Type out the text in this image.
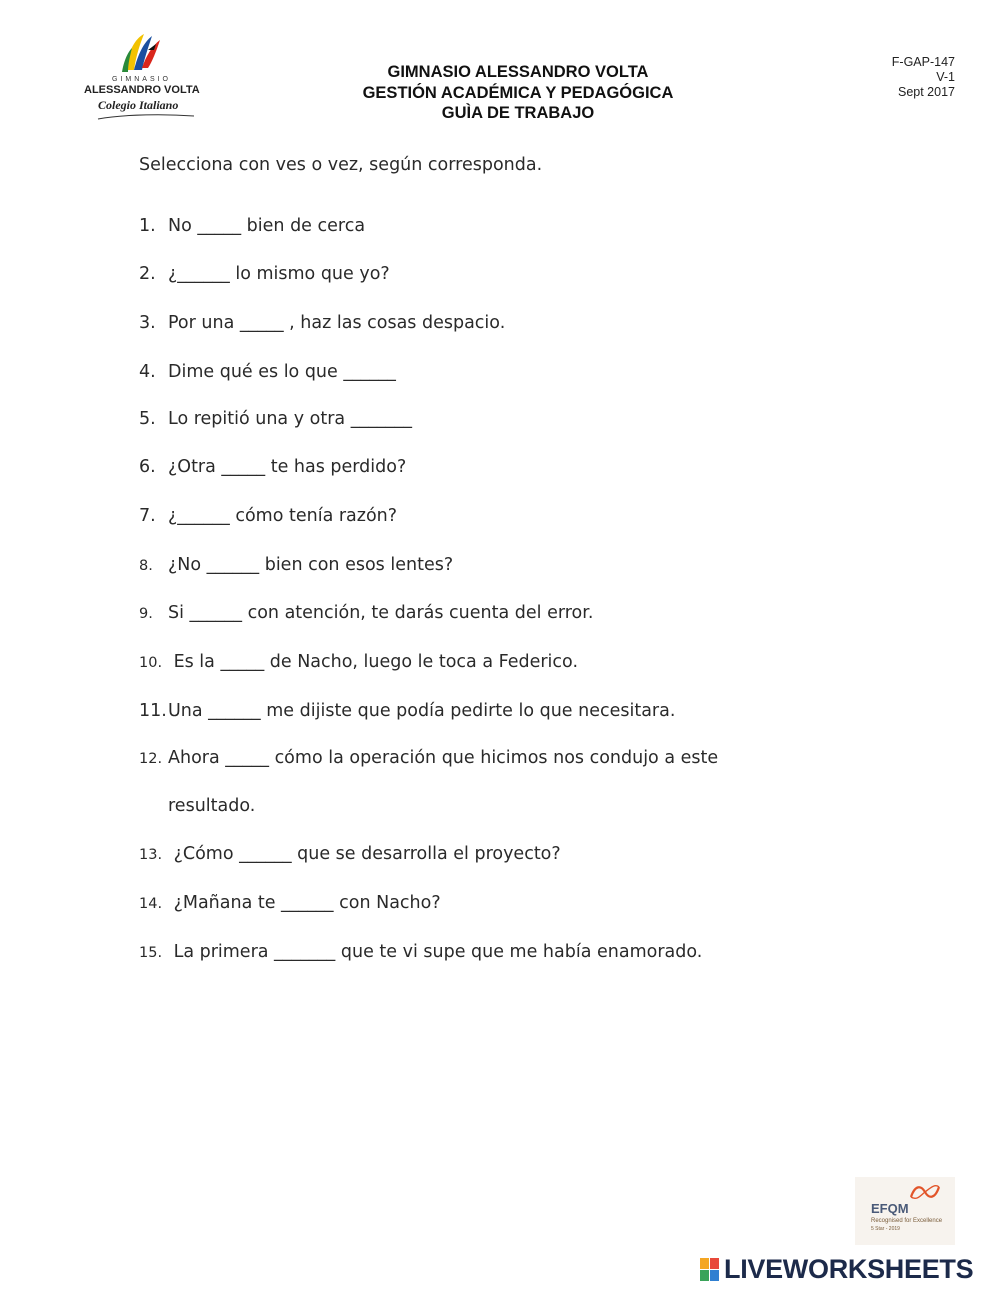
GIMNASIO
ALESSANDRO VOLTA
Colegio Italiano
GIMNASIO ALESSANDRO VOLTA
GESTIÓN ACADÉMICA Y PEDAGÓGICA
GUÌA DE TRABAJO
F-GAP-147
V-1
Sept 2017
Selecciona con ves o vez, según corresponda.
1. No _____ bien de cerca
2. ¿______ lo mismo que yo?
3. Por una _____ , haz las cosas despacio.
4. Dime qué es lo que ______
5. Lo repitió una y otra _______
6. ¿Otra _____ te has perdido?
7. ¿______ cómo tenía razón?
8. ¿No ______ bien con esos lentes?
9. Si ______ con atención, te darás cuenta del error.
10. Es la _____ de Nacho, luego le toca a Federico.
11.Una ______ me dijiste que podía pedirte lo que necesitara.
12. Ahora _____ cómo la operación que hicimos nos condujo a este
resultado.
13. ¿Cómo ______ que se desarrolla el proyecto?
14. ¿Mañana te ______ con Nacho?
15. La primera _______ que te vi supe que me había enamorado.
EFQM
Recognised for Excellence
5 Star - 2019
LIVEWORKSHEETS
